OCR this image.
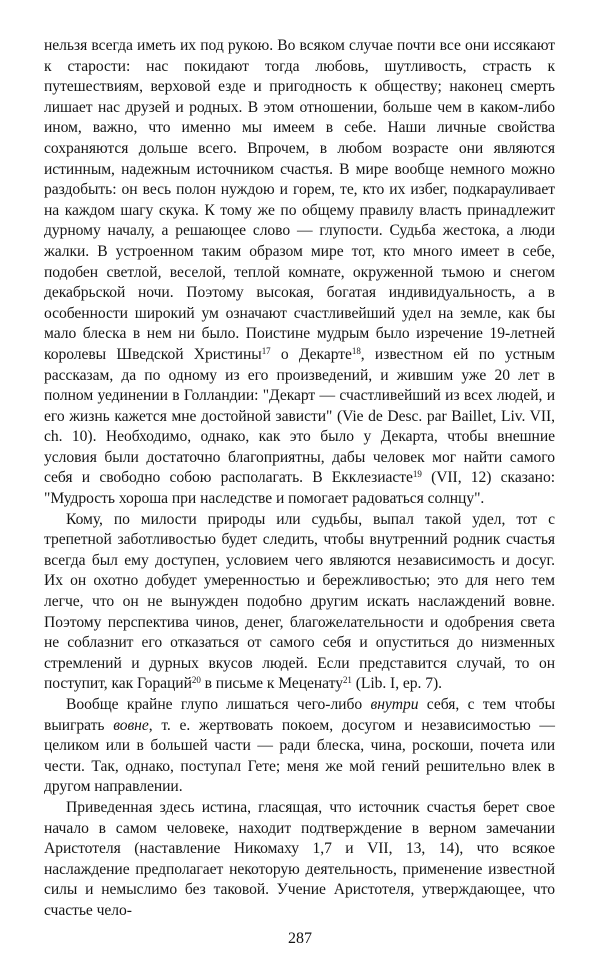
нельзя всегда иметь их под рукою. Во всяком случае почти все они иссякают к старости: нас покидают тогда любовь, шутливость, страсть к путешествиям, верховой езде и пригодность к обществу; наконец смерть лишает нас друзей и родных. В этом отношении, больше чем в каком-либо ином, важно, что именно мы имеем в себе. Наши личные свойства сохраняются дольше всего. Впрочем, в любом возрасте они являются истинным, надежным источником счастья. В мире вообще немного можно раздобыть: он весь полон нуждою и горем, те, кто их избег, подкарауливает на каждом шагу скука. К тому же по общему правилу власть принадлежит дурному началу, а решающее слово — глупости. Судьба жестока, а люди жалки. В устроенном таким образом мире тот, кто много имеет в себе, подобен светлой, веселой, теплой комнате, окруженной тьмою и снегом декабрьской ночи. Поэтому высокая, богатая индивидуальность, а в особенности широкий ум означают счастливейший удел на земле, как бы мало блеска в нем ни было. Поистине мудрым было изречение 19-летней королевы Шведской Христины$^{17}$ о Декарте$^{18}$, известном ей по устным рассказам, да по одному из его произведений, и жившим уже 20 лет в полном уединении в Голландии: "Декарт — счастливейший из всех людей, и его жизнь кажется мне достойной зависти" (Vie de Desc. par Baillet, Liv. VII, ch. 10). Необходимо, однако, как это было у Декарта, чтобы внешние условия были достаточно благоприятны, дабы человек мог найти самого себя и свободно собою располагать. В Екклезиасте$^{19}$ (VII, 12) сказано: "Мудрость хороша при наследстве и помогает радоваться солнцу".

Кому, по милости природы или судьбы, выпал такой удел, тот с трепетной заботливостью будет следить, чтобы внутренний родник счастья всегда был ему доступен, условием чего являются независимость и досуг. Их он охотно добудет умеренностью и бережливостью; это для него тем легче, что он не вынужден подобно другим искать наслаждений вовне. Поэтому перспектива чинов, денег, благожелательности и одобрения света не соблазнит его отказаться от самого себя и опуститься до низменных стремлений и дурных вкусов людей. Если представится случай, то он поступит, как Гораций$^{20}$ в письме к Меценату$^{21}$ (Lib. I, ep. 7).

Вообще крайне глупо лишаться чего-либо внутри себя, с тем чтобы выиграть вовне, т. е. жертвовать покоем, досугом и независимостью — целиком или в большей части — ради блеска, чина, роскоши, почета или чести. Так, однако, поступал Гете; меня же мой гений решительно влек в другом направлении.

Приведенная здесь истина, гласящая, что источник счастья берет свое начало в самом человеке, находит подтверждение в верном замечании Аристотеля (наставление Никомаху 1,7 и VII, 13, 14), что всякое наслаждение предполагает некоторую деятельность, применение известной силы и немыслимо без таковой. Учение Аристотеля, утверждающее, что счастье чело-

287
